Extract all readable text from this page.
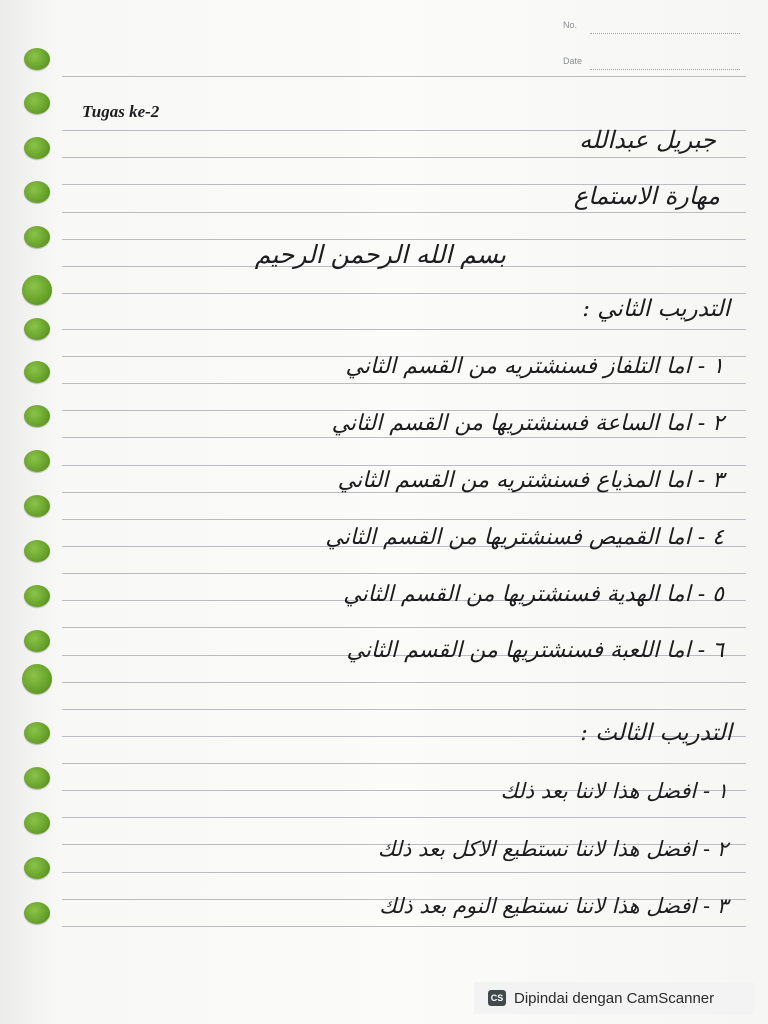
No.
Date
Tugas ke-2
جبريل عبدالله
مهارة الاستماع
بسم الله الرحمن الرحيم
التدريب الثاني :
١ - اما التلفاز فسنشتريه من القسم الثاني
٢ - اما الساعة فسنشتريها من القسم الثاني
٣ - اما المذياع فسنشتريه من القسم الثاني
٤ - اما القميص فسنشتريها من القسم الثاني
٥ - اما الهدية فسنشتريها من القسم الثاني
٦ - اما اللعبة فسنشتريها من القسم الثاني
التدريب الثالث :
١ - افضل هذا لاننا بعد ذلك
٢ - افضل هذا لاننا نستطيع الاكل بعد ذلك
٣ - افضل هذا لاننا نستطيع النوم بعد ذلك
CS Dipindai dengan CamScanner
